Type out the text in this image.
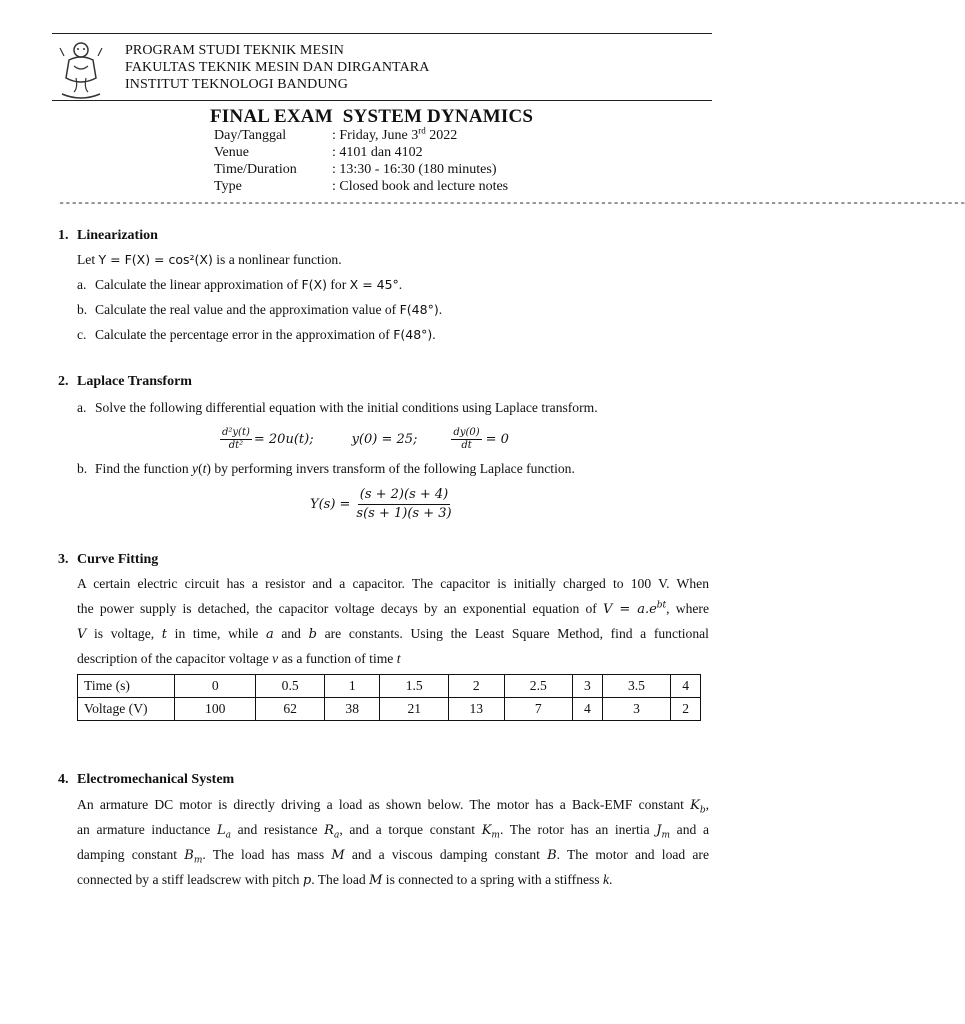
PROGRAM STUDI TEKNIK MESIN
FAKULTAS TEKNIK MESIN DAN DIRGANTARA
INSTITUT TEKNOLOGI BANDUNG
FINAL EXAM  SYSTEM DYNAMICS
Day/Tanggal	: Friday, June 3rd 2022
Venue	: 4101 dan 4102
Time/Duration	: 13:30 - 16:30 (180 minutes)
Type	: Closed book and lecture notes
------------------------------------------------------------------------------------------------------------------------------------------------
1. Linearization
Let Y = F(X) = cos²(X) is a nonlinear function.
a. Calculate the linear approximation of F(X) for X = 45°.
b. Calculate the real value and the approximation value of F(48°).
c. Calculate the percentage error in the approximation of F(48°).
2. Laplace Transform
a. Solve the following differential equation with the initial conditions using Laplace transform.
$\frac{\text{d²y(t)}}{\text{dt²}} = 20u(t)$;	y(0) = 25;	$\frac{dy(0)}{dt} = 0$
b. Find the function y(t) by performing invers transform of the following Laplace function.
$Y(s) = \frac{(s + 2)(s + 4)}{s(s + 1)(s + 3)}$
3. Curve Fitting
A certain electric circuit has a resistor and a capacitor. The capacitor is initially charged to 100 V. When
the power supply is detached, the capacitor voltage decays by an exponential equation of $V = a.e^{bt}$, where
V is voltage, t in time, while a and b are constants. Using the Least Square Method, find a functional
description of the capacitor voltage v as a function of time t
Time (s)	0	0.5	1	1.5	2	2.5	3	3.5	4
Voltage (V)	100	62	38	21	13	7	4	3	2
4. Electromechanical System
An armature DC motor is directly driving a load as shown below. The motor has a Back-EMF constant $K_b$,
an armature inductance $L_a$ and resistance $R_a$, and a torque constant $K_m$. The rotor has an inertia $J_m$ and a
damping constant $B_m$. The load has mass M and a viscous damping constant B. The motor and load are
connected by a stiff leadscrew with pitch p. The load M is connected to a spring with a stiffness k.
